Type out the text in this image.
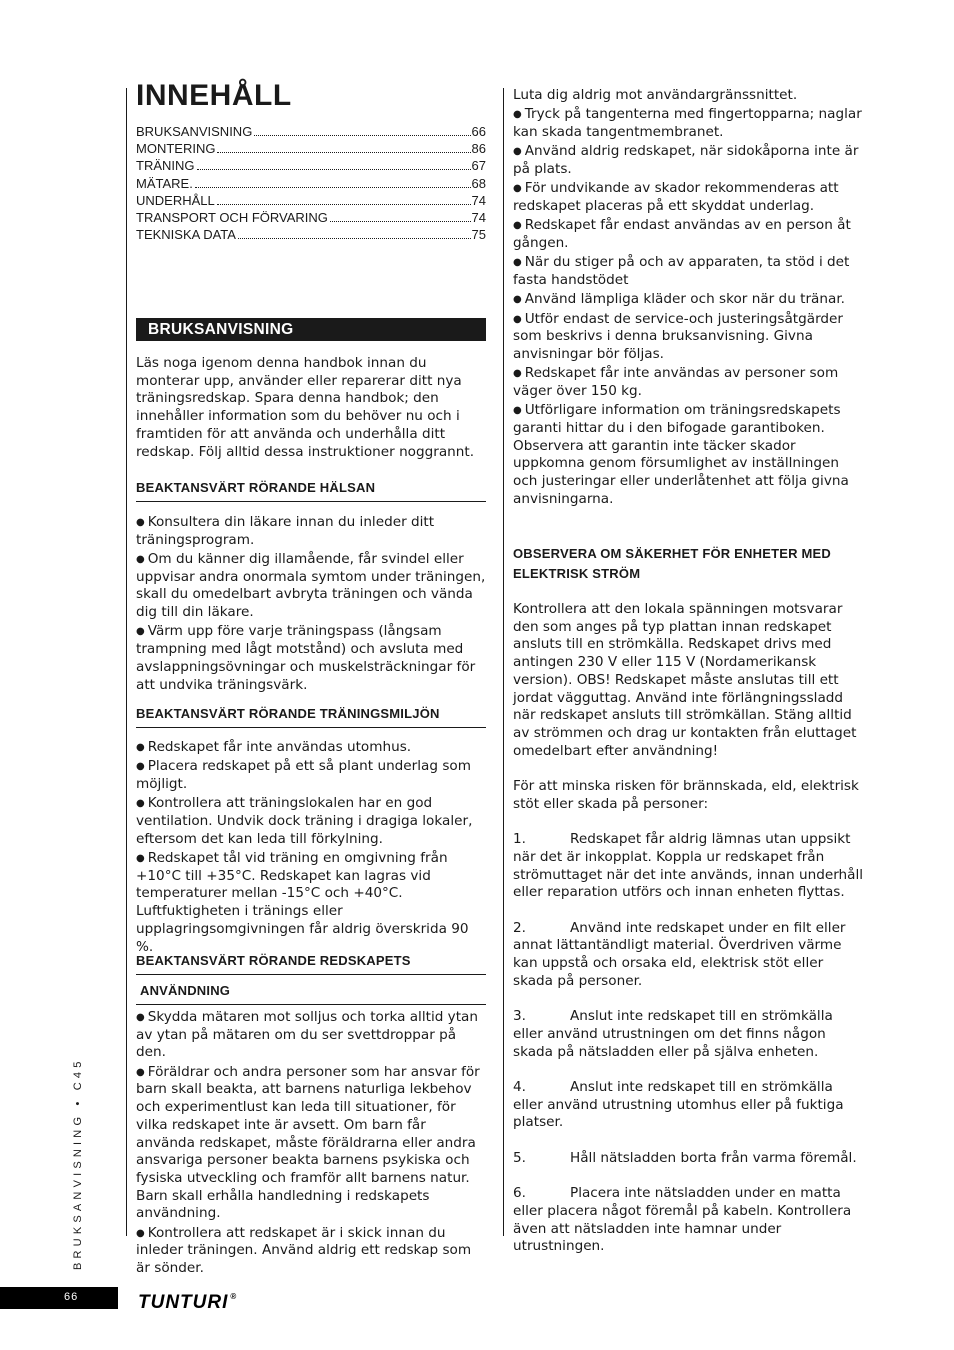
INNEHÅLL
BRUKSANVISNING	66
MONTERING	86
TRÄNING	67
MÄTARE.	68
UNDERHÅLL	74
TRANSPORT OCH FÖRVARING	74
TEKNISKA DATA	75
BRUKSANVISNING

Läs noga igenom denna handbok innan du monterar upp, använder eller reparerar ditt nya träningsredskap. Spara denna handbok; den innehåller information som du behöver nu och i framtiden för att använda och underhålla ditt redskap. Följ alltid dessa instruktioner noggrannt.

BEAKTANSVÄRT RÖRANDE HÄLSAN
● Konsultera din läkare innan du inleder ditt träningsprogram.
● Om du känner dig illamående, får svindel eller uppvisar andra onormala symtom under träningen, skall du omedelbart avbryta träningen och vända dig till din läkare.
● Värm upp före varje träningspass (långsam trampning med lågt motstånd) och avsluta med avslappningsövningar och muskelsträckningar för att undvika träningsvärk.
BEAKTANSVÄRT RÖRANDE TRÄNINGSMILJÖN
● Redskapet får inte användas utomhus.
● Placera redskapet på ett så plant underlag som möjligt.
● Kontrollera att träningslokalen har en god ventilation. Undvik dock träning i dragiga lokaler, eftersom det kan leda till förkylning.
● Redskapet tål vid träning en omgivning från +10°C till +35°C. Redskapet kan lagras vid temperaturer mellan -15°C och +40°C. Luftfuktigheten i tränings eller upplagringsomgivningen får aldrig överskrida 90 %.
BEAKTANSVÄRT RÖRANDE REDSKAPETS
ANVÄNDNING
● Skydda mätaren mot solljus och torka alltid ytan av ytan på mätaren om du ser svettdroppar på den.
● Föräldrar och andra personer som har ansvar för barn skall beakta, att barnens naturliga lekbehov och experimentlust kan leda till situationer, för vilka redskapet inte är avsett. Om barn får använda redskapet, måste föräldrarna eller andra ansvariga personer beakta barnens psykiska och fysiska utveckling och framför allt barnens natur. Barn skall erhålla handledning i redskapets användning.
● Kontrollera att redskapet är i skick innan du inleder träningen. Använd aldrig ett redskap som är sönder.

Luta dig aldrig mot användargränssnittet.

● Tryck på tangenterna med fingertopparna; naglar kan skada tangentmembranet.
● Använd aldrig redskapet, när sidokåporna inte är på plats.
● För undvikande av skador rekommenderas att redskapet placeras på ett skyddat underlag.
● Redskapet får endast användas av en person åt gången.
● När du stiger på och av apparaten, ta stöd i det fasta handstödet
● Använd lämpliga kläder och skor när du tränar.
● Utför endast de service-och justeringsåtgärder som beskrivs i denna bruksanvisning. Givna anvisningar bör följas.
● Redskapet får inte användas av personer som väger över 150 kg.
● Utförligare information om träningsredskapets garanti hittar du i den bifogade garantiboken. Observera att garantin inte täcker skador uppkomna genom försumlighet av inställningen och justeringar eller underlåtenhet att följa givna anvisningarna.
OBSERVERA OM SÄKERHET FÖR ENHETER MED
ELEKTRISK STRÖM

Kontrollera att den lokala spänningen motsvarar den som anges på typ plattan innan redskapet ansluts till en strömkälla. Redskapet drivs med antingen 230 V eller 115 V (Nordamerikansk version). OBS! Redskapet måste anslutas till ett jordat vägguttag. Använd inte förlängningssladd när redskapet ansluts till strömkällan. Stäng alltid av strömmen och drag ur kontakten från eluttaget omedelbart efter användning!

För att minska risken för brännskada, eld, elektrisk stöt eller skada på personer:

1.	Redskapet får aldrig lämnas utan uppsikt när det är inkopplat. Koppla ur redskapet från strömuttaget när det inte används, innan underhåll eller reparation utförs och innan enheten flyttas.
2.	Använd inte redskapet under en filt eller annat lättantändligt material. Överdriven värme kan uppstå och orsaka eld, elektrisk stöt eller skada på personer.
3.	Anslut inte redskapet till en strömkälla eller använd utrustningen om det finns någon skada på nätsladden eller på själva enheten.
4.	Anslut inte redskapet till en strömkälla eller använd utrustning utomhus eller på fuktiga platser.
5.	Håll nätsladden borta från varma föremål.
6.	Placera inte nätsladden under en matta eller placera något föremål på kabeln. Kontrollera även att nätsladden inte hamnar under utrustningen.
BRUKSANVISNING • C45
66	TUNTURI ®
